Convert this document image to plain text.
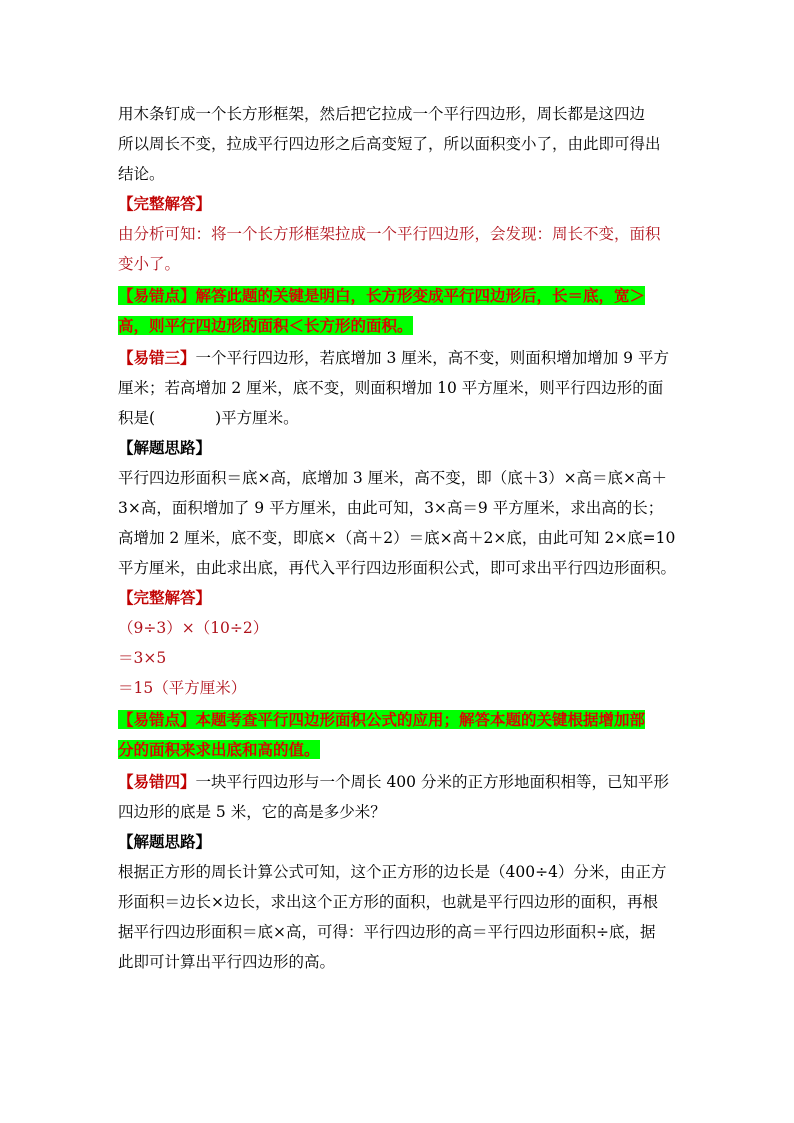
用木条钉成一个长方形框架，然后把它拉成一个平行四边形，周长都是这四边

所以周长不变，拉成平行四边形之后高变短了，所以面积变小了，由此即可得出

结论。

【完整解答】

由分析可知：将一个长方形框架拉成一个平行四边形，会发现：周长不变，面积

变小了。

【易错点】解答此题的关键是明白，长方形变成平行四边形后，长＝底，宽＞

高，则平行四边形的面积＜长方形的面积。

【易错三】一个平行四边形，若底增加 3 厘米，高不变，则面积增加增加 9 平方

厘米；若高增加 2 厘米，底不变，则面积增加 10 平方厘米，则平行四边形的面

积是(	)平方厘米。

【解题思路】

平行四边形面积＝底×高，底增加 3 厘米，高不变，即（底＋3）×高＝底×高＋

3×高，面积增加了 9 平方厘米，由此可知，3×高＝9 平方厘米，求出高的长；

高增加 2 厘米，底不变，即底×（高＋2）＝底×高＋2×底，由此可知 2×底=10

平方厘米，由此求出底，再代入平行四边形面积公式，即可求出平行四边形面积。

【完整解答】

（9÷3）×（10÷2）

＝3×5

＝15（平方厘米）

【易错点】本题考查平行四边形面积公式的应用；解答本题的关键根据增加部

分的面积来求出底和高的值。

【易错四】一块平行四边形与一个周长 400 分米的正方形地面积相等，已知平形

四边形的底是 5 米，它的高是多少米？

【解题思路】

根据正方形的周长计算公式可知，这个正方形的边长是（400÷4）分米，由正方

形面积＝边长×边长，求出这个正方形的面积，也就是平行四边形的面积，再根

据平行四边形面积＝底×高，可得：平行四边形的高＝平行四边形面积÷底，据

此即可计算出平行四边形的高。
